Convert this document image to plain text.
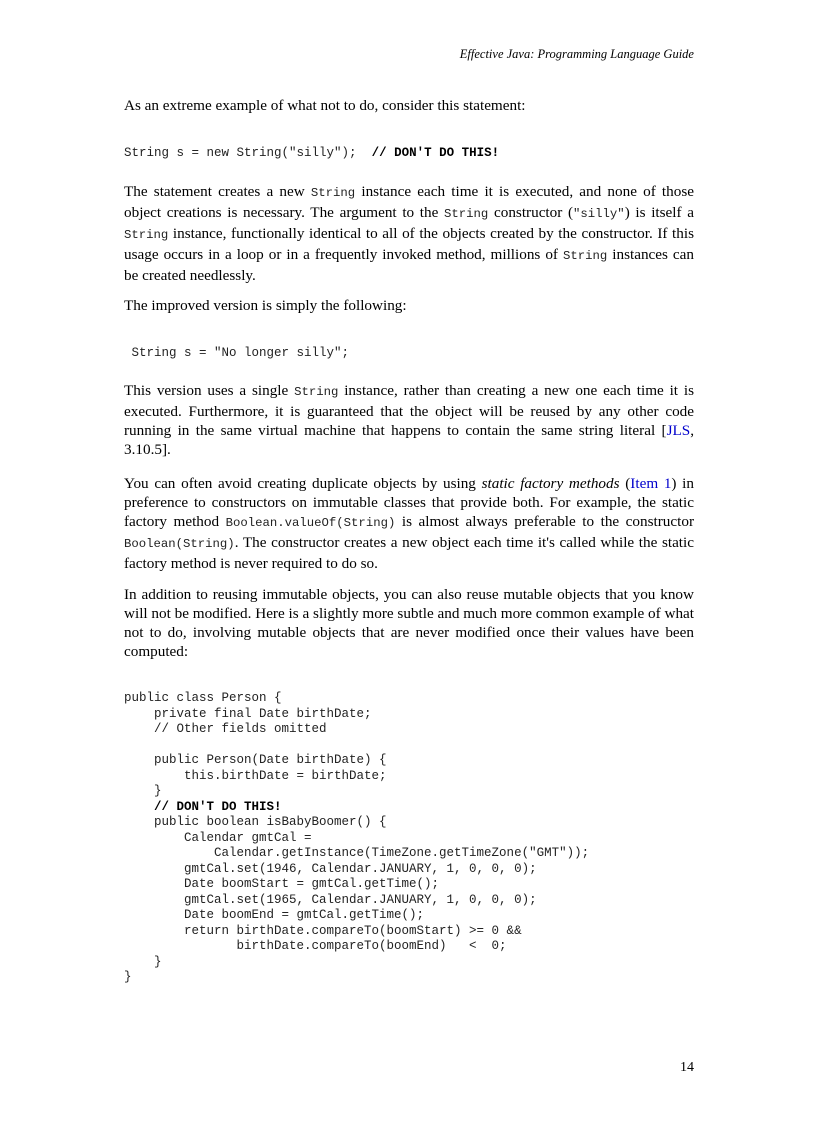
Effective Java: Programming Language Guide

As an extreme example of what not to do, consider this statement:

String s = new String("silly"); // DON'T DO THIS!

The statement creates a new String instance each time it is executed, and none of those object creations is necessary. The argument to the String constructor ("silly") is itself a String instance, functionally identical to all of the objects created by the constructor. If this usage occurs in a loop or in a frequently invoked method, millions of String instances can be created needlessly.

The improved version is simply the following:

String s = "No longer silly";

This version uses a single String instance, rather than creating a new one each time it is executed. Furthermore, it is guaranteed that the object will be reused by any other code running in the same virtual machine that happens to contain the same string literal [JLS, 3.10.5].

You can often avoid creating duplicate objects by using static factory methods (Item 1) in preference to constructors on immutable classes that provide both. For example, the static factory method Boolean.valueOf(String) is almost always preferable to the constructor Boolean(String). The constructor creates a new object each time it's called while the static factory method is never required to do so.

In addition to reusing immutable objects, you can also reuse mutable objects that you know will not be modified. Here is a slightly more subtle and much more common example of what not to do, involving mutable objects that are never modified once their values have been computed:

public class Person {
private final Date birthDate;
// Other fields omitted

public Person(Date birthDate) {
this.birthDate = birthDate;
}
// DON'T DO THIS!
public boolean isBabyBoomer() {
Calendar gmtCal =
Calendar.getInstance(TimeZone.getTimeZone("GMT"));
gmtCal.set(1946, Calendar.JANUARY, 1, 0, 0, 0);
Date boomStart = gmtCal.getTime();
gmtCal.set(1965, Calendar.JANUARY, 1, 0, 0, 0);
Date boomEnd = gmtCal.getTime();
return birthDate.compareTo(boomStart) >= 0 &&
birthDate.compareTo(boomEnd)   <  0;
}
}
14
